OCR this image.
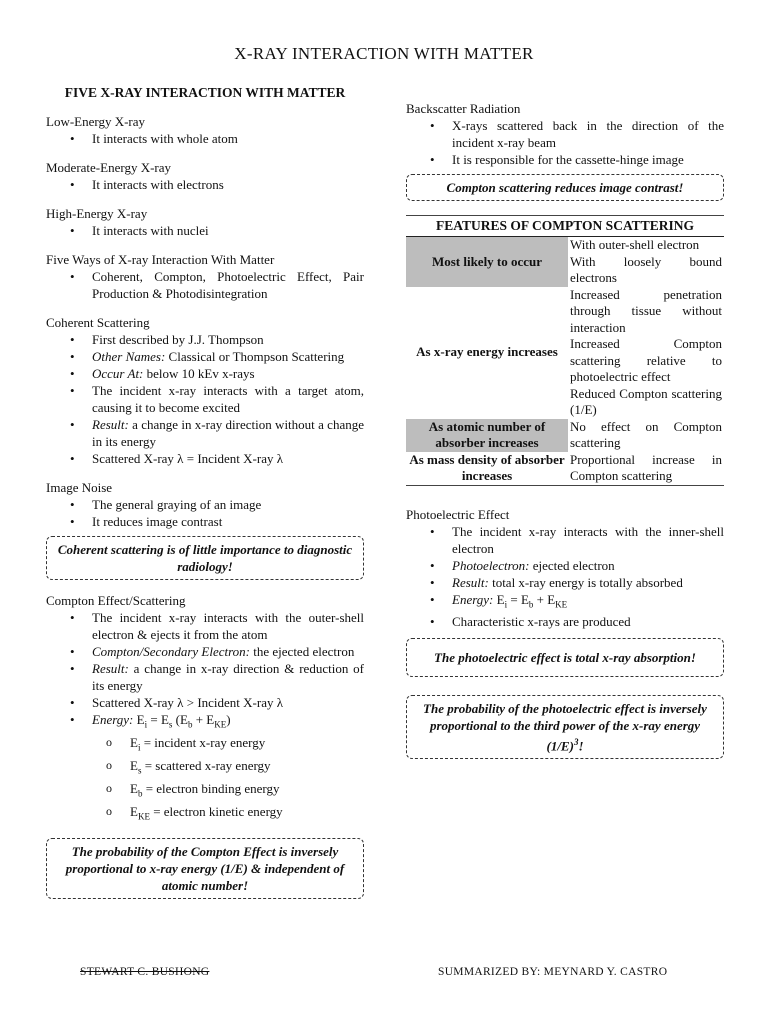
X-RAY INTERACTION WITH MATTER
FIVE X-RAY INTERACTION WITH MATTER
Low-Energy X-ray
• It interacts with whole atom
Moderate-Energy X-ray
• It interacts with electrons
High-Energy X-ray
• It interacts with nuclei
Five Ways of X-ray Interaction With Matter
• Coherent, Compton, Photoelectric Effect, Pair Production & Photodisintegration
Coherent Scattering
• First described by J.J. Thompson
• Other Names: Classical or Thompson Scattering
• Occur At: below 10 kEv x-rays
• The incident x-ray interacts with a target atom, causing it to become excited
• Result: a change in x-ray direction without a change in its energy
• Scattered X-ray λ = Incident X-ray λ
Image Noise
• The general graying of an image
• It reduces image contrast
Coherent scattering is of little importance to diagnostic radiology!
Compton Effect/Scattering
• The incident x-ray interacts with the outer-shell electron & ejects it from the atom
• Compton/Secondary Electron: the ejected electron
• Result: a change in x-ray direction & reduction of its energy
• Scattered X-ray λ > Incident X-ray λ
• Energy: $E_i = E_s$ $(E_b + E_{KE})$
o $E_i$ = incident x-ray energy
o $E_s$ = scattered x-ray energy
o $E_b$ = electron binding energy
o $E_{KE}$ = electron kinetic energy
The probability of the Compton Effect is inversely proportional to x-ray energy (1/E) & independent of atomic number!
Backscatter Radiation
• X-rays scattered back in the direction of the incident x-ray beam
• It is responsible for the cassette-hinge image
Compton scattering reduces image contrast!
FEATURES OF COMPTON SCATTERING
Most likely to occur	With outer-shell electron
With loosely bound electrons

As x-ray energy increases	Increased penetration through tissue without interaction
Increased Compton scattering relative to photoelectric effect
Reduced Compton scattering (1/E)

As atomic number of absorber increases	No effect on Compton scattering
As mass density of absorber increases	Proportional increase in Compton scattering
Photoelectric Effect
• The incident x-ray interacts with the inner-shell electron
• Photoelectron: ejected electron
• Result: total x-ray energy is totally absorbed
• Energy: $E_i = E_b + E_{KE}$
• Characteristic x-rays are produced
The photoelectric effect is total x-ray absorption!
The probability of the photoelectric effect is inversely proportional to the third power of the x-ray energy $(1/E)^3$!
STEWART C. BUSHONG	SUMMARIZED BY: MEYNARD Y. CASTRO
